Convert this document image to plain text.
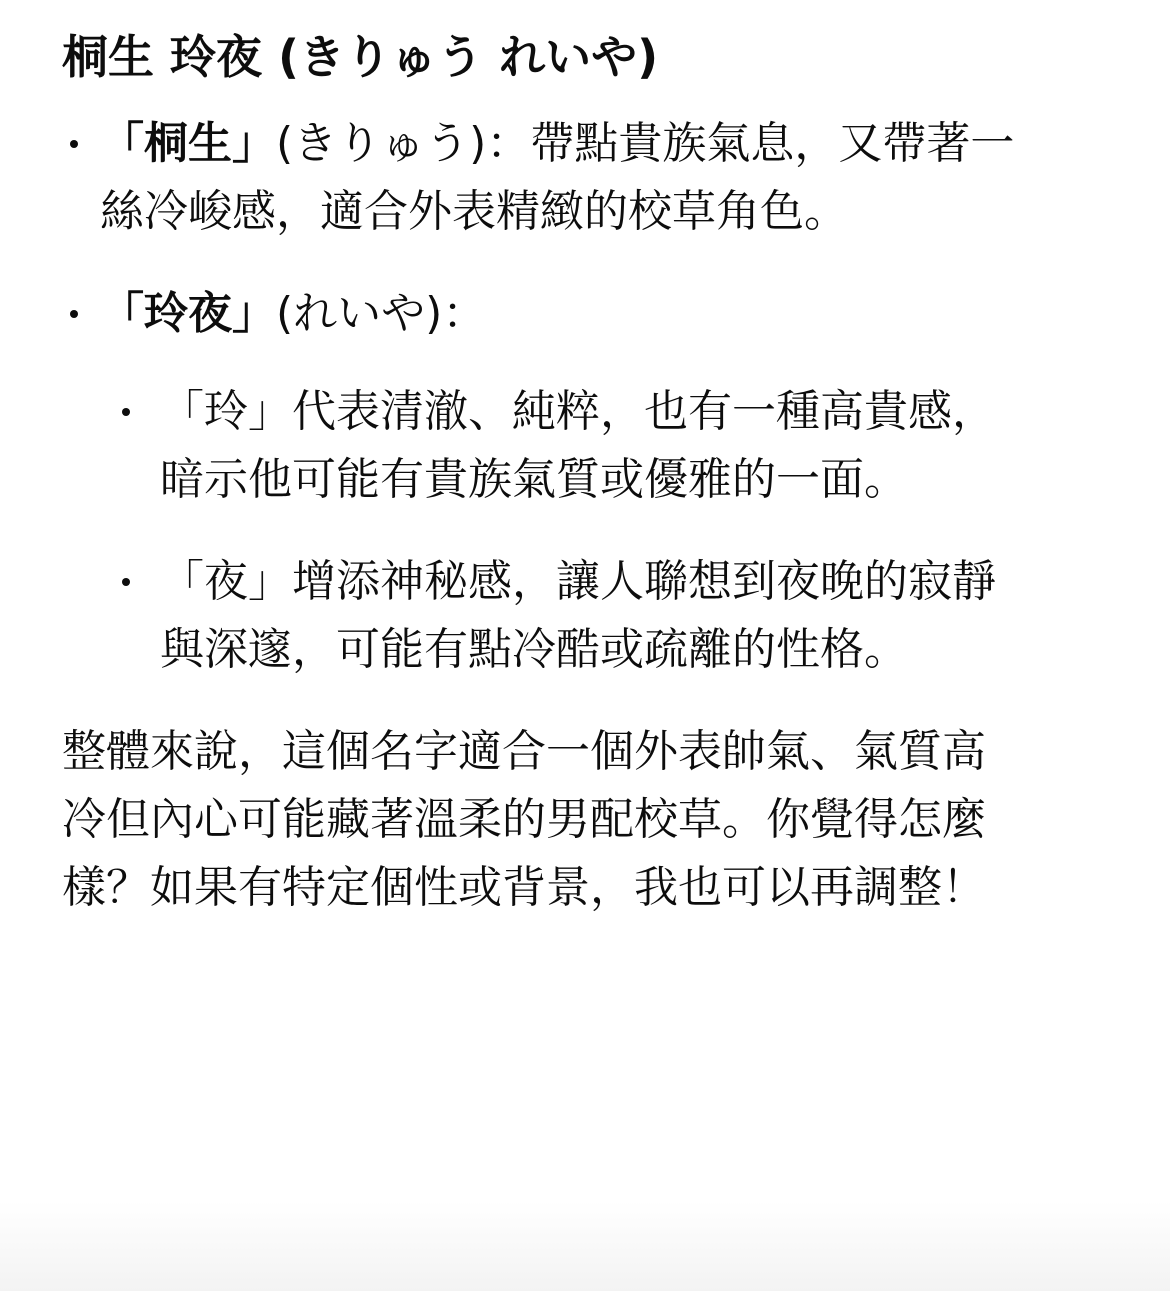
桐生 玲夜 (きりゅう れいや)
「桐生」(きりゅう)：帶點貴族氣息，又帶著一絲冷峻感，適合外表精緻的校草角色。
「玲夜」(れいや)：
「玲」代表清澈、純粹，也有一種高貴感，暗示他可能有貴族氣質或優雅的一面。
「夜」增添神秘感，讓人聯想到夜晚的寂靜與深邃，可能有點冷酷或疏離的性格。

整體來說，這個名字適合一個外表帥氣、氣質高冷但內心可能藏著溫柔的男配校草。你覺得怎麼樣？如果有特定個性或背景，我也可以再調整！
